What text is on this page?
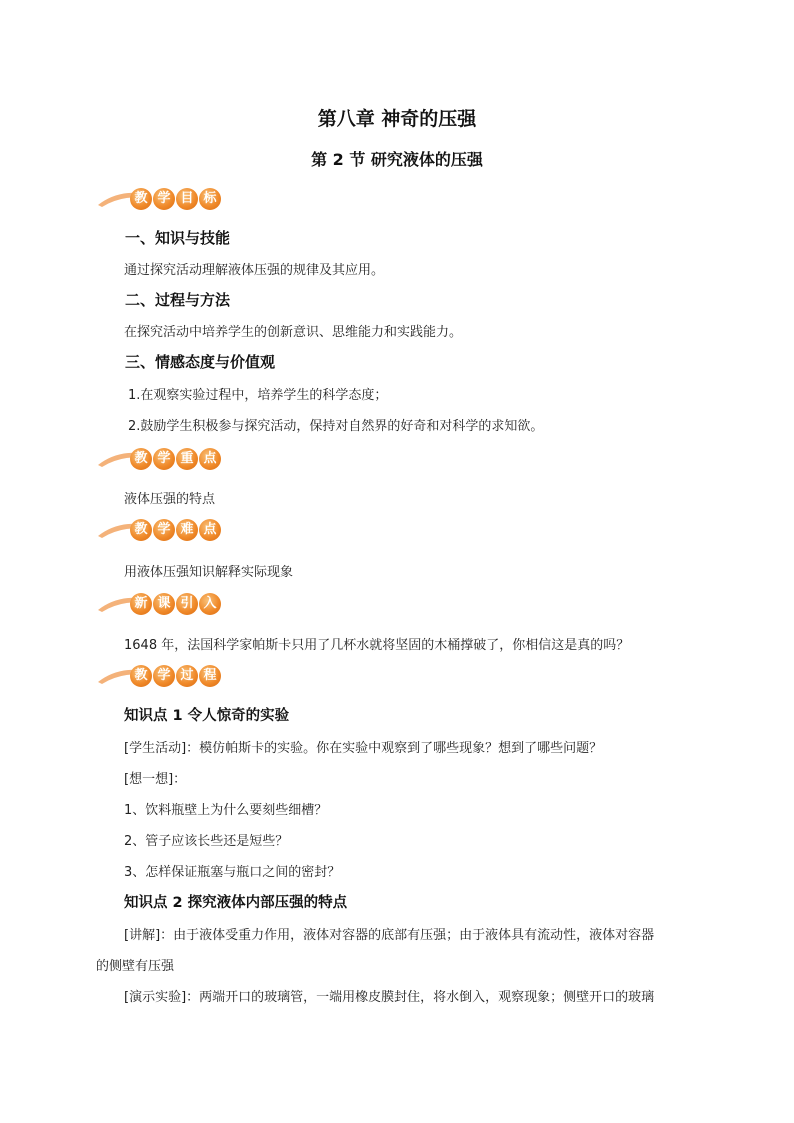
第八章 神奇的压强
第 2 节 研究液体的压强
教 学 目 标
一、知识与技能
通过探究活动理解液体压强的规律及其应用。
二、过程与方法
在探究活动中培养学生的创新意识、思维能力和实践能力。
三、情感态度与价值观
1.在观察实验过程中，培养学生的科学态度；
2.鼓励学生积极参与探究活动，保持对自然界的好奇和对科学的求知欲。
教 学 重 点
液体压强的特点
教 学 难 点
用液体压强知识解释实际现象
新 课 引 入
1648 年，法国科学家帕斯卡只用了几杯水就将坚固的木桶撑破了，你相信这是真的吗？
教 学 过 程
知识点 1 令人惊奇的实验
[学生活动]：模仿帕斯卡的实验。你在实验中观察到了哪些现象？想到了哪些问题？
[想一想]：
1、饮料瓶壁上为什么要刻些细槽？
2、管子应该长些还是短些？
3、怎样保证瓶塞与瓶口之间的密封？
知识点 2 探究液体内部压强的特点
[讲解]：由于液体受重力作用，液体对容器的底部有压强；由于液体具有流动性，液体对容器
的侧壁有压强
[演示实验]：两端开口的玻璃管，一端用橡皮膜封住，将水倒入，观察现象；侧壁开口的玻璃
